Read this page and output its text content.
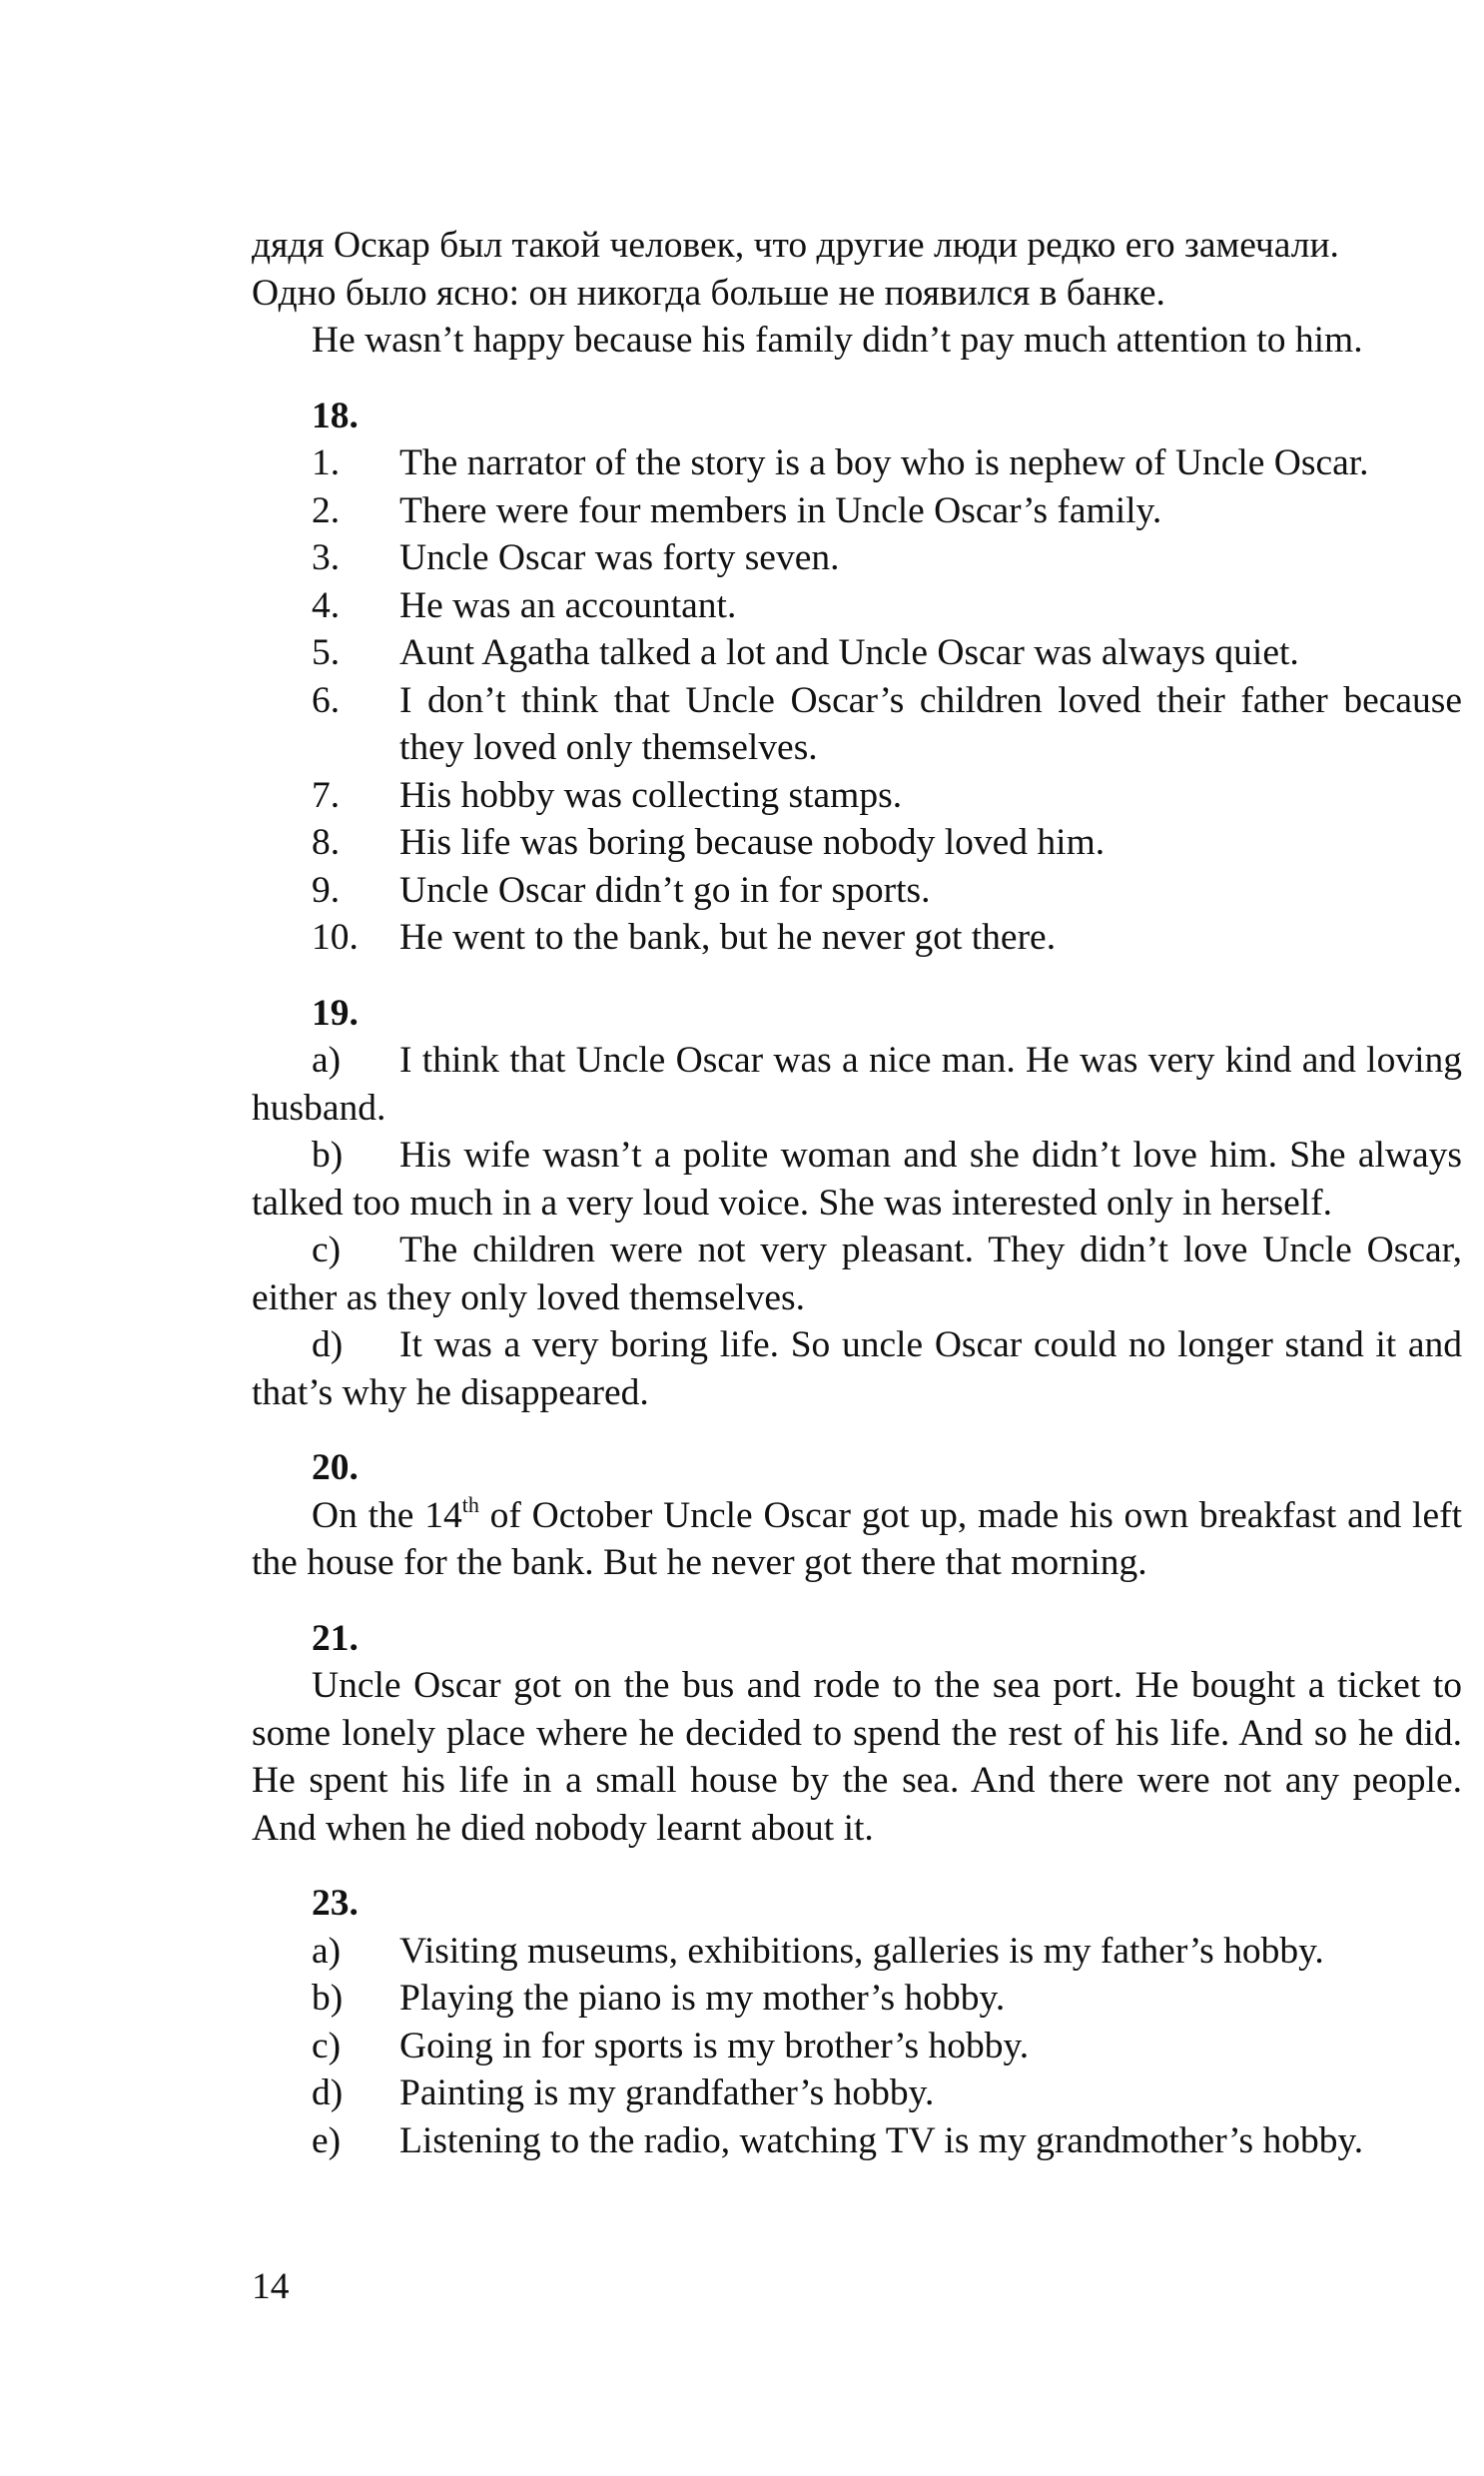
дядя Оскар был такой человек, что другие люди редко его замечали.

Одно было ясно: он никогда больше не появился в банке.

He wasn’t happy because his family didn’t pay much attention to him.

18.

1.	The narrator of the story is a boy who is nephew of Uncle Oscar.
2.	There were four members in Uncle Oscar’s family.
3.	Uncle Oscar was forty seven.
4.	He was an accountant.
5.	Aunt Agatha talked a lot and Uncle Oscar was always quiet.
6.	I don’t think that Uncle Oscar’s children loved their father because they loved only themselves.
7.	His hobby was collecting stamps.
8.	His life was boring because nobody loved him.
9.	Uncle Oscar didn’t go in for sports.
10.	He went to the bank, but he never got there.

19.

a) I think that Uncle Oscar was a nice man. He was very kind and loving husband.

b) His wife wasn’t a polite woman and she didn’t love him. She always talked too much in a very loud voice. She was interested only in herself.

c) The children were not very pleasant. They didn’t love Uncle Oscar, either as they only loved themselves.

d) It was a very boring life. So uncle Oscar could no longer stand it and that’s why he disappeared.

20.

On the 14th of October Uncle Oscar got up, made his own breakfast and left the house for the bank. But he never got there that morning.

21.

Uncle Oscar got on the bus and rode to the sea port. He bought a ticket to some lonely place where he decided to spend the rest of his life. And so he did. He spent his life in a small house by the sea. And there were not any people. And when he died nobody learnt about it.

23.

a)	Visiting museums, exhibitions, galleries is my father’s hobby.
b)	Playing the piano is my mother’s hobby.
c)	Going in for sports is my brother’s hobby.
d)	Painting is my grandfather’s hobby.
e)	Listening to the radio, watching TV is my grandmother’s hobby.
14
